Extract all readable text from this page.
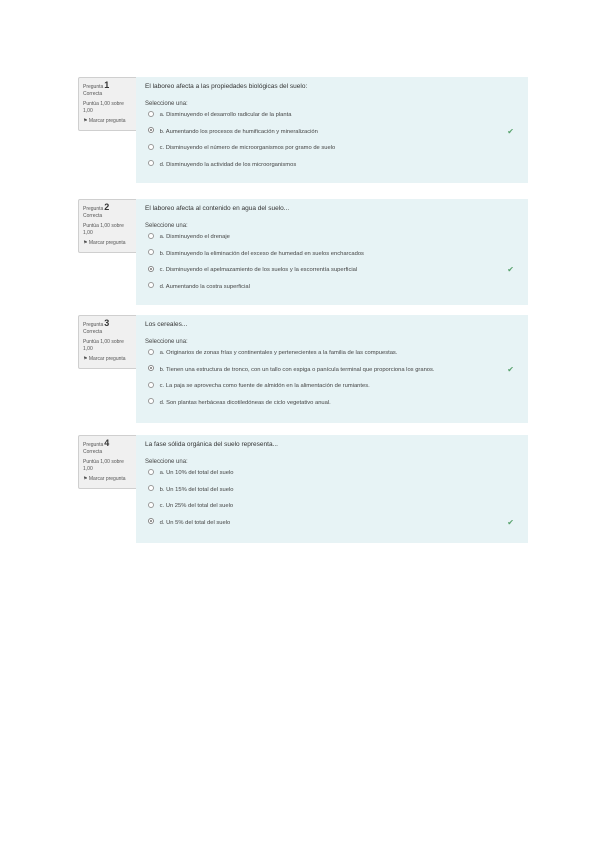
Pregunta1
Correcta
Puntúa 1,00 sobre 1,00
⚑ Marcar pregunta
El laboreo afecta a las propiedades biológicas del suelo:
Seleccione una:
a. Disminuyendo el desarrollo radicular de la planta
b. Aumentando los procesos de humificación y mineralización	✔
c. Disminuyendo el número de microorganismos por gramo de suelo
d. Disminuyendo la actividad de los microorganismos
Pregunta2
Correcta
Puntúa 1,00 sobre 1,00
⚑ Marcar pregunta
El laboreo afecta al contenido en agua del suelo...
Seleccione una:
a. Disminuyendo el drenaje
b. Disminuyendo la eliminación del exceso de humedad en suelos encharcados
c. Disminuyendo el apelmazamiento de los suelos y la escorrentía superficial	✔
d. Aumentando la costra superficial
Pregunta3
Correcta
Puntúa 1,00 sobre 1,00
⚑ Marcar pregunta
Los cereales...
Seleccione una:
a. Originarios de zonas frías y continentales y pertenecientes a la familia de las compuestas.
b. Tienen una estructura de tronco, con un tallo con espiga o panícula terminal que proporciona los granos.	✔
c. La paja se aprovecha como fuente de almidón en la alimentación de rumiantes.
d. Son plantas herbáceas dicotiledóneas de ciclo vegetativo anual.
Pregunta4
Correcta
Puntúa 1,00 sobre 1,00
⚑ Marcar pregunta
La fase sólida orgánica del suelo representa...
Seleccione una:
a. Un 10% del total del suelo
b. Un 15% del total del suelo
c. Un 25% del total del suelo
d. Un 5% del total del suelo	✔
